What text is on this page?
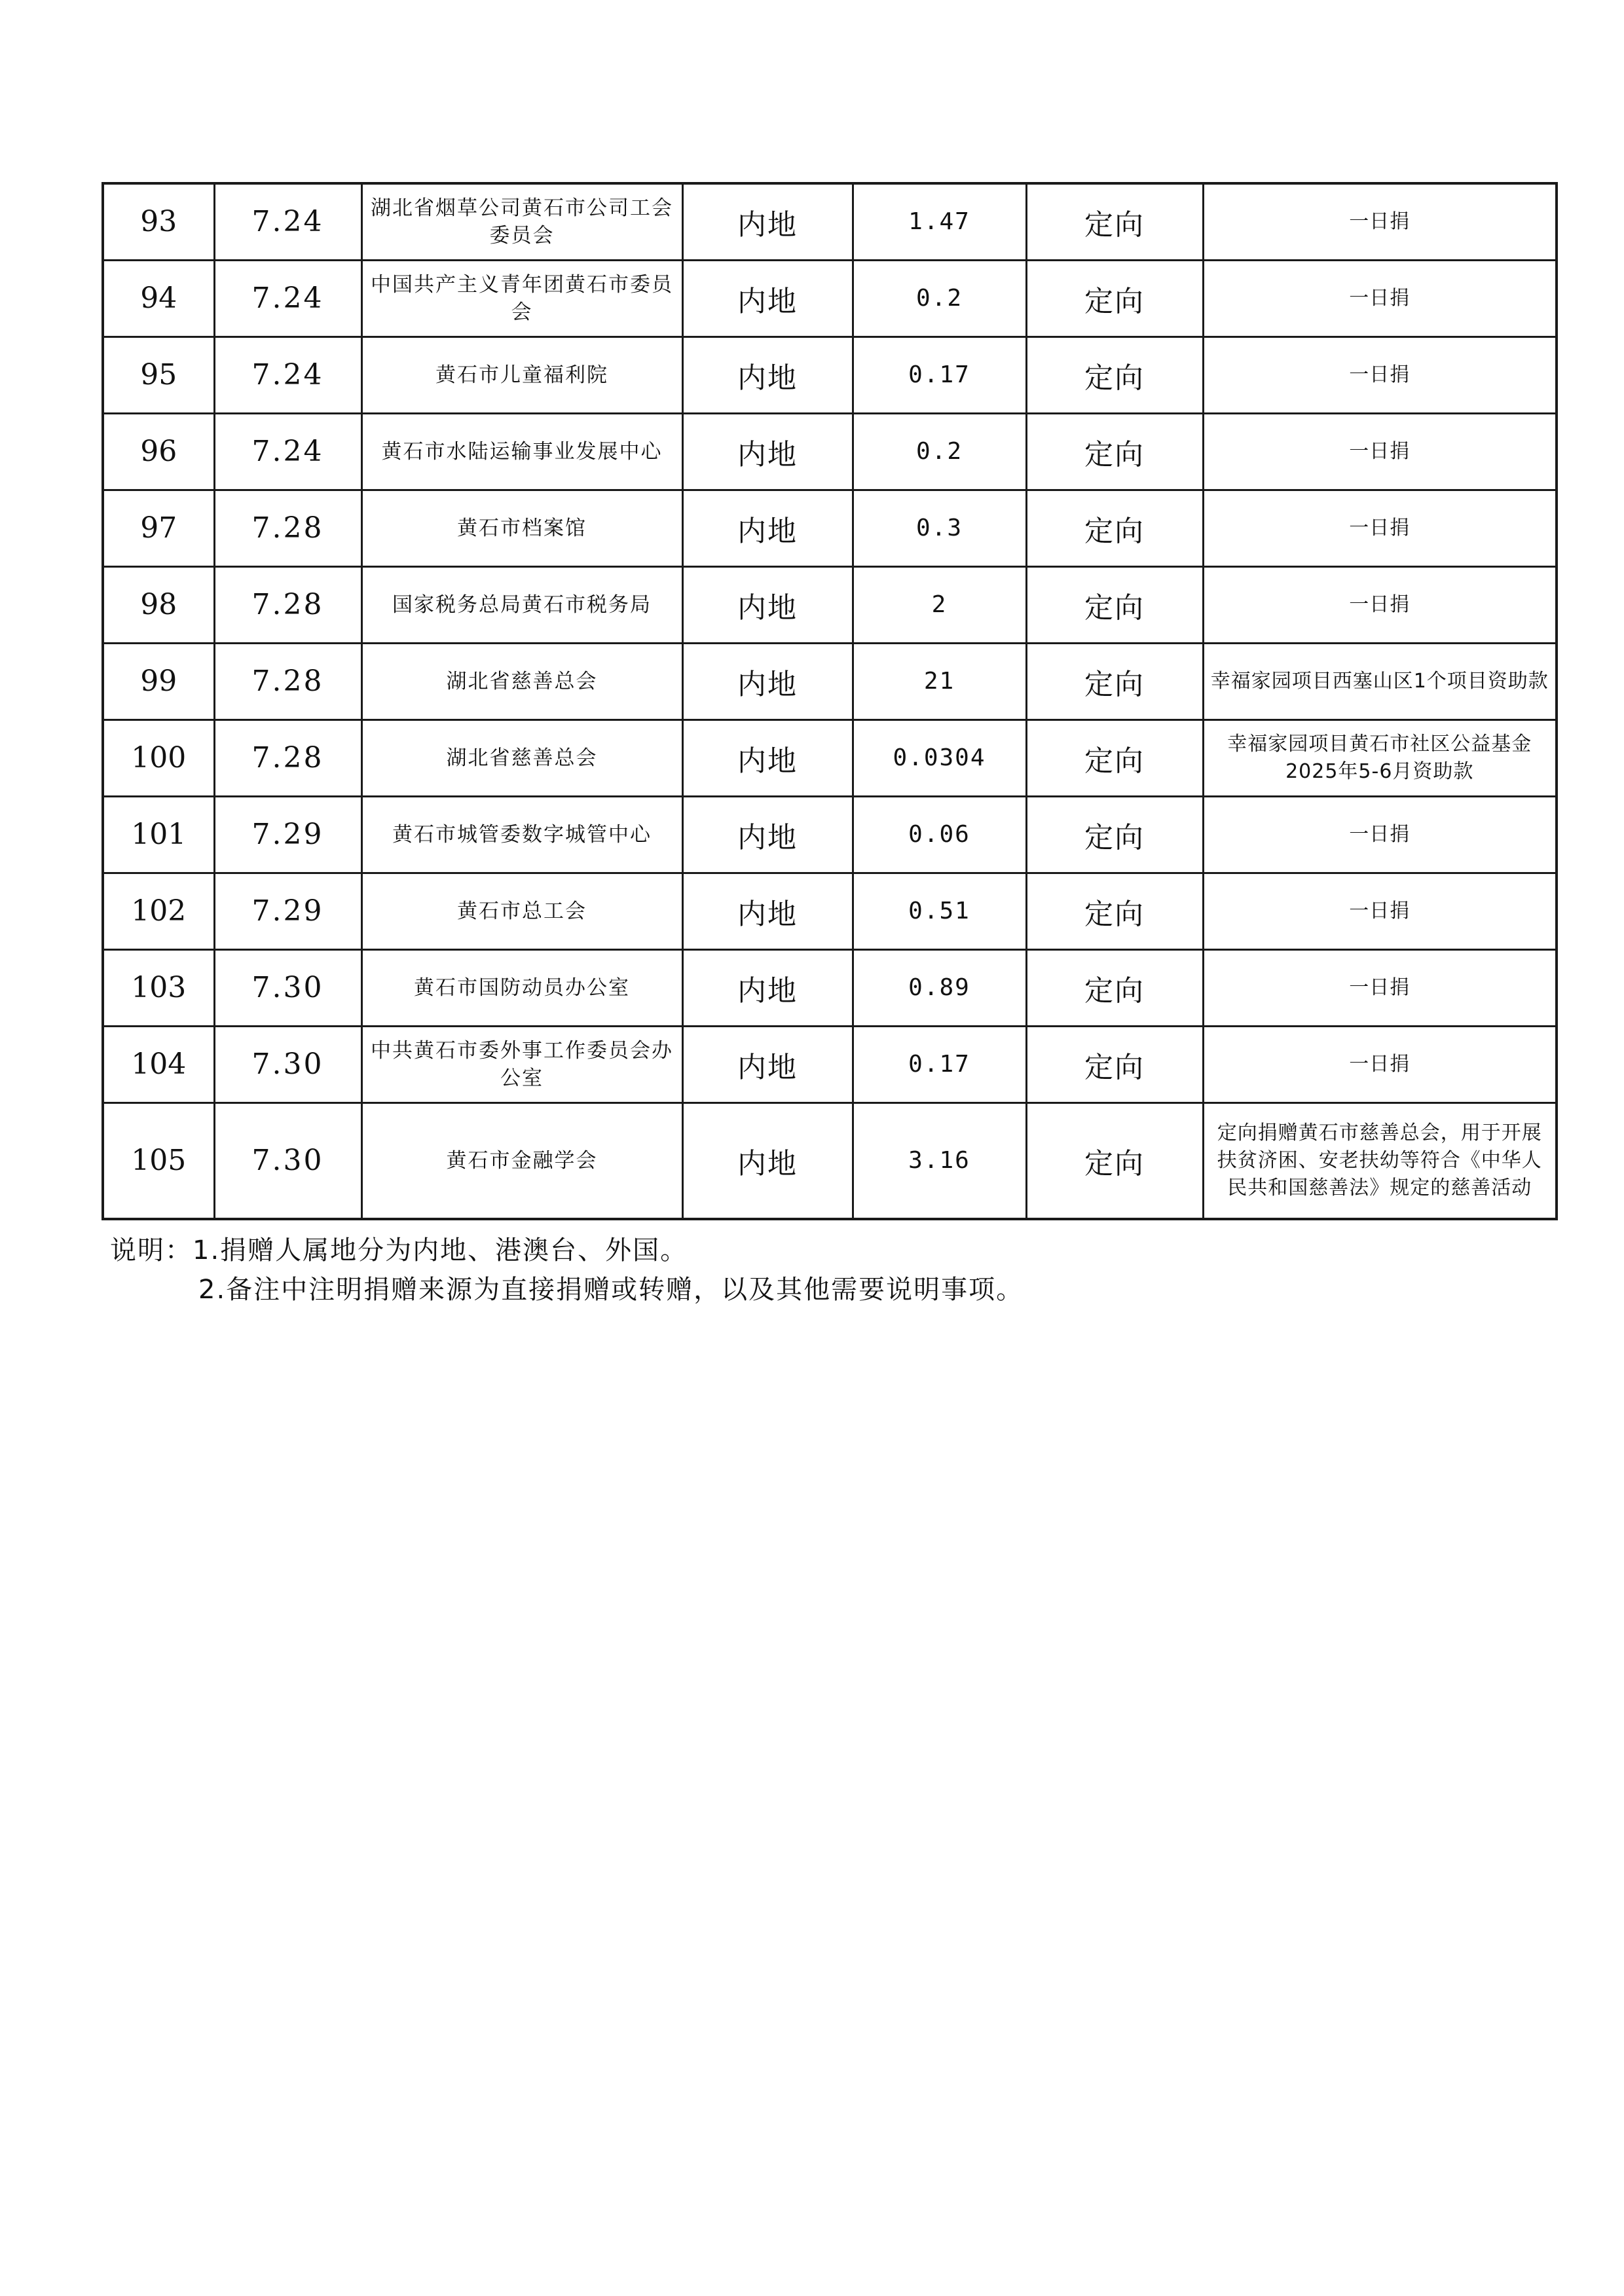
93	7.24	湖北省烟草公司黄石市公司工会委员会	内地	1.47	定向	一日捐
94	7.24	中国共产主义青年团黄石市委员会	内地	0.2	定向	一日捐
95	7.24	黄石市儿童福利院	内地	0.17	定向	一日捐
96	7.24	黄石市水陆运输事业发展中心	内地	0.2	定向	一日捐
97	7.28	黄石市档案馆	内地	0.3	定向	一日捐
98	7.28	国家税务总局黄石市税务局	内地	2	定向	一日捐
99	7.28	湖北省慈善总会	内地	21	定向	幸福家园项目西塞山区1个项目资助款
100	7.28	湖北省慈善总会	内地	0.0304	定向	幸福家园项目黄石市社区公益基金2025年5-6月资助款
101	7.29	黄石市城管委数字城管中心	内地	0.06	定向	一日捐
102	7.29	黄石市总工会	内地	0.51	定向	一日捐
103	7.30	黄石市国防动员办公室	内地	0.89	定向	一日捐
104	7.30	中共黄石市委外事工作委员会办公室	内地	0.17	定向	一日捐
105	7.30	黄石市金融学会	内地	3.16	定向	定向捐赠黄石市慈善总会，用于开展扶贫济困、安老扶幼等符合《中华人民共和国慈善法》规定的慈善活动
说明：1.捐赠人属地分为内地、港澳台、外国。
2.备注中注明捐赠来源为直接捐赠或转赠，以及其他需要说明事项。
